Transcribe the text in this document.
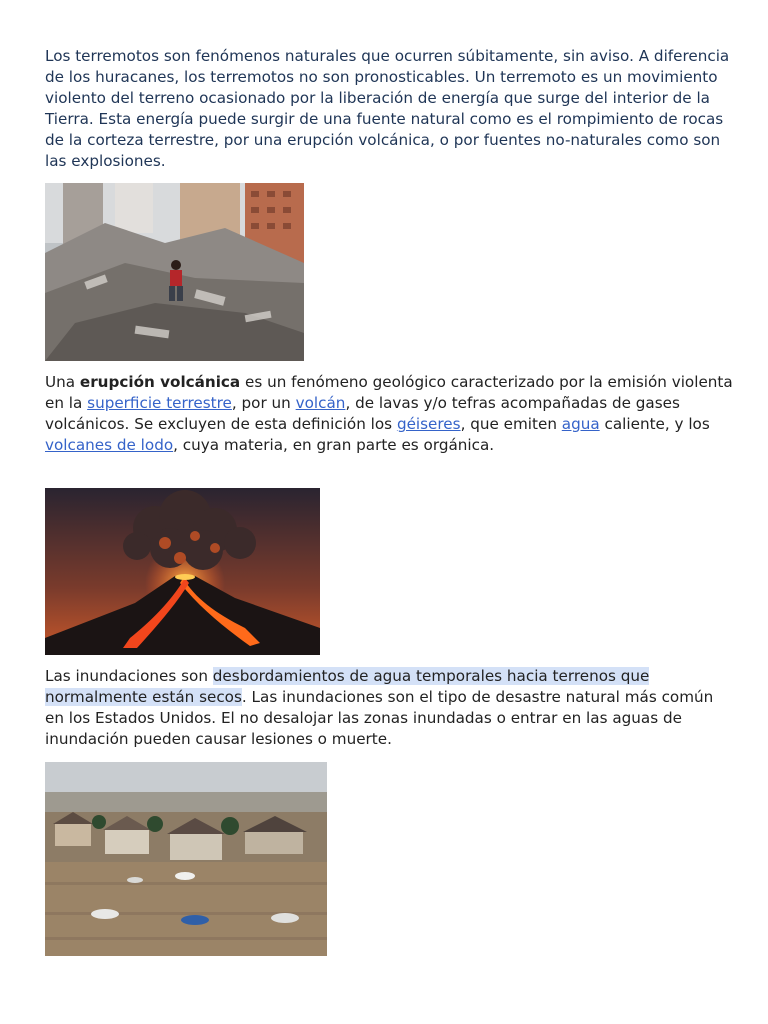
Los terremotos son fenómenos naturales que ocurren súbitamente, sin aviso. A diferencia de los huracanes, los terremotos no son pronosticables. Un terremoto es un movimiento violento del terreno ocasionado por la liberación de energía que surge del interior de la Tierra. Esta energía puede surgir de una fuente natural como es el rompimiento de rocas de la corteza terrestre, por una erupción volcánica, o por fuentes no-naturales como son las explosiones.

Una erupción volcánica es un fenómeno geológico caracterizado por la emisión violenta en la superficie terrestre, por un volcán, de lavas y/o tefras acompañadas de gases volcánicos. Se excluyen de esta definición los géiseres, que emiten agua caliente, y los volcanes de lodo, cuya materia, en gran parte es orgánica.

Las inundaciones son desbordamientos de agua temporales hacia terrenos que normalmente están secos. Las inundaciones son el tipo de desastre natural más común en los Estados Unidos. El no desalojar las zonas inundadas o entrar en las aguas de inundación pueden causar lesiones o muerte.
